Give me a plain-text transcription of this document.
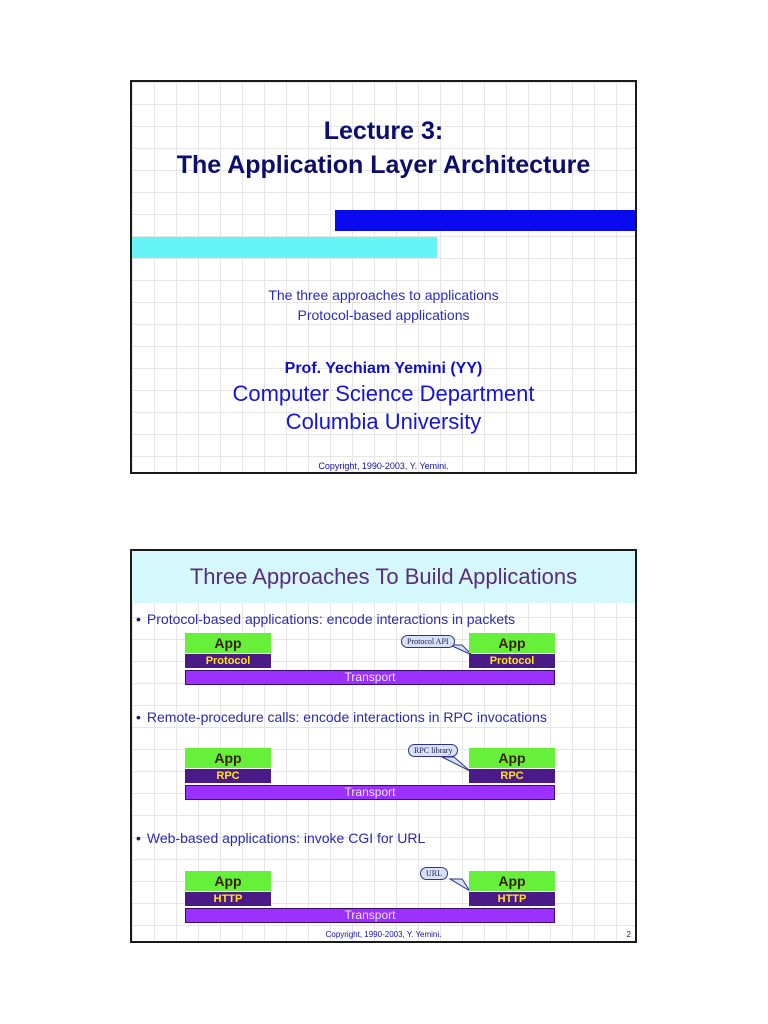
Lecture 3:
The Application Layer Architecture
The three approaches to applications
Protocol-based applications
Prof. Yechiam Yemini (YY)
Computer Science Department
Columbia University
Copyright, 1990-2003, Y. Yemini.
Three Approaches To Build Applications
• Protocol-based applications: encode interactions in packets
App
Protocol
App
Protocol
Transport
Protocol API
• Remote-procedure calls: encode interactions in RPC invocations
App
RPC
App
RPC
Transport
RPC library
• Web-based applications: invoke CGI for URL
App
HTTP
App
HTTP
Transport
URL
Copyright, 1990-2003, Y. Yemini.	2
